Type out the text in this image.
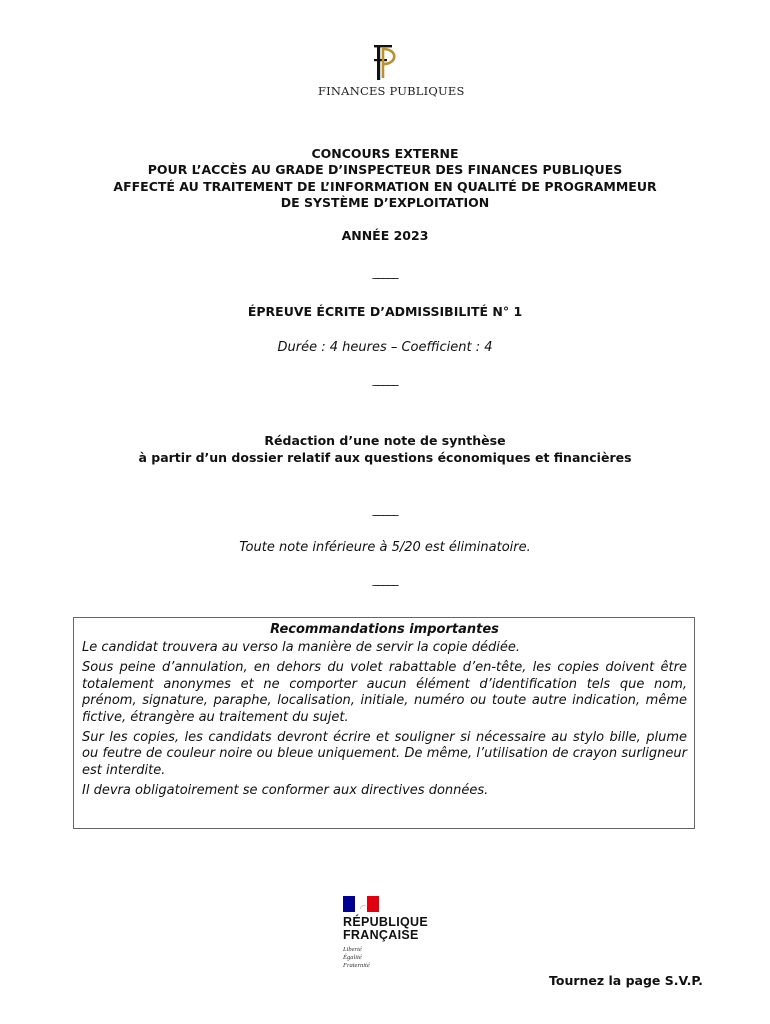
FINANCES PUBLIQUES
CONCOURS EXTERNE
POUR L’ACCÈS AU GRADE D’INSPECTEUR DES FINANCES PUBLIQUES
AFFECTÉ AU TRAITEMENT DE L’INFORMATION EN QUALITÉ DE PROGRAMMEUR
DE SYSTÈME D’EXPLOITATION
ANNÉE 2023
_____
ÉPREUVE ÉCRITE D’ADMISSIBILITÉ N° 1
Durée : 4 heures – Coefficient : 4
_____
Rédaction d’une note de synthèse
à partir d’un dossier relatif aux questions économiques et financières
_____
Toute note inférieure à 5/20 est éliminatoire.
_____
Recommandations importantes

Le candidat trouvera au verso la manière de servir la copie dédiée.

Sous peine d’annulation, en dehors du volet rabattable d’en-tête, les copies doivent être totalement anonymes et ne comporter aucun élément d’identification tels que nom, prénom, signature, paraphe, localisation, initiale, numéro ou toute autre indication, même fictive, étrangère au traitement du sujet.

Sur les copies, les candidats devront écrire et souligner si nécessaire au stylo bille, plume ou feutre de couleur noire ou bleue uniquement. De même, l’utilisation de crayon surligneur est interdite.

Il devra obligatoirement se conformer aux directives données.

RÉPUBLIQUE
FRANÇAISE
Liberté
Égalité
Fraternité
Tournez la page S.V.P.
